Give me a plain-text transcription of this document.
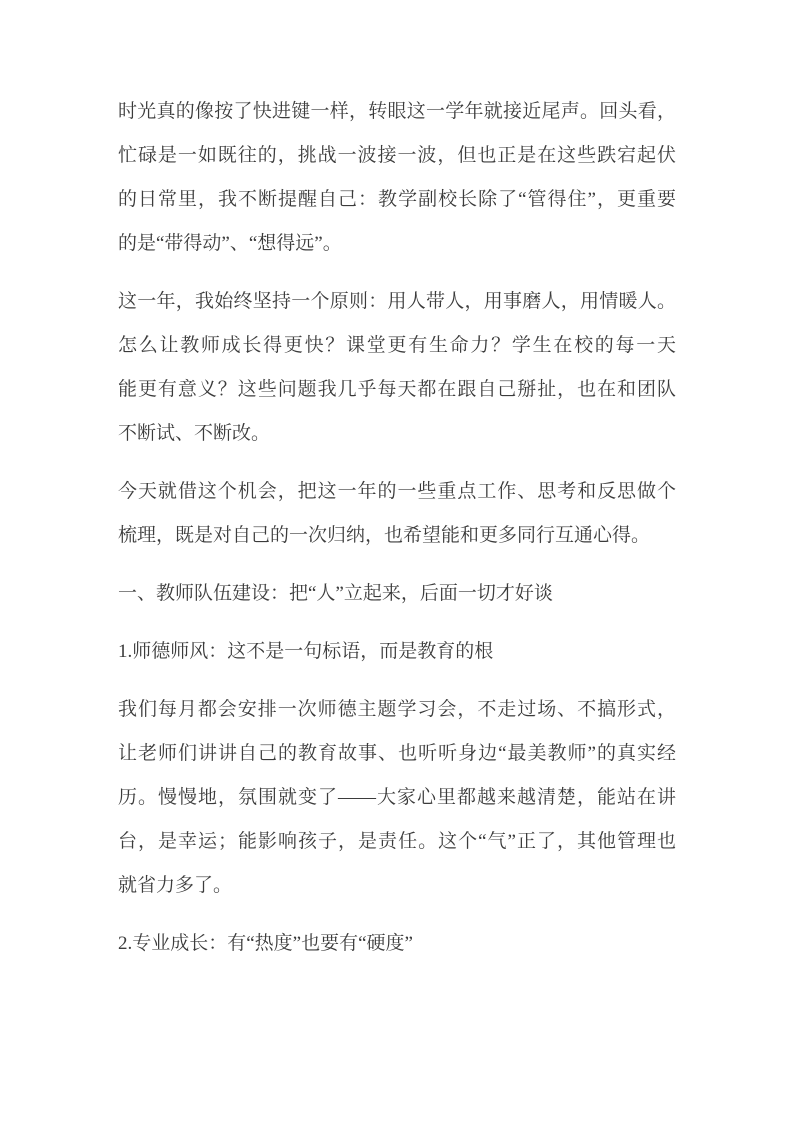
时光真的像按了快进键一样，转眼这一学年就接近尾声。回头看，
忙碌是一如既往的，挑战一波接一波，但也正是在这些跌宕起伏
的日常里，我不断提醒自己：教学副校长除了“管得住”，更重要
的是“带得动”、“想得远”。
这一年，我始终坚持一个原则：用人带人，用事磨人，用情暖人。
怎么让教师成长得更快？课堂更有生命力？学生在校的每一天
能更有意义？这些问题我几乎每天都在跟自己掰扯，也在和团队
不断试、不断改。
今天就借这个机会，把这一年的一些重点工作、思考和反思做个
梳理，既是对自己的一次归纳，也希望能和更多同行互通心得。
一、教师队伍建设：把“人”立起来，后面一切才好谈
1.师德师风：这不是一句标语，而是教育的根
我们每月都会安排一次师德主题学习会，不走过场、不搞形式，
让老师们讲讲自己的教育故事、也听听身边“最美教师”的真实经
历。慢慢地，氛围就变了——大家心里都越来越清楚，能站在讲
台，是幸运；能影响孩子，是责任。这个“气”正了，其他管理也
就省力多了。
2.专业成长：有“热度”也要有“硬度”
